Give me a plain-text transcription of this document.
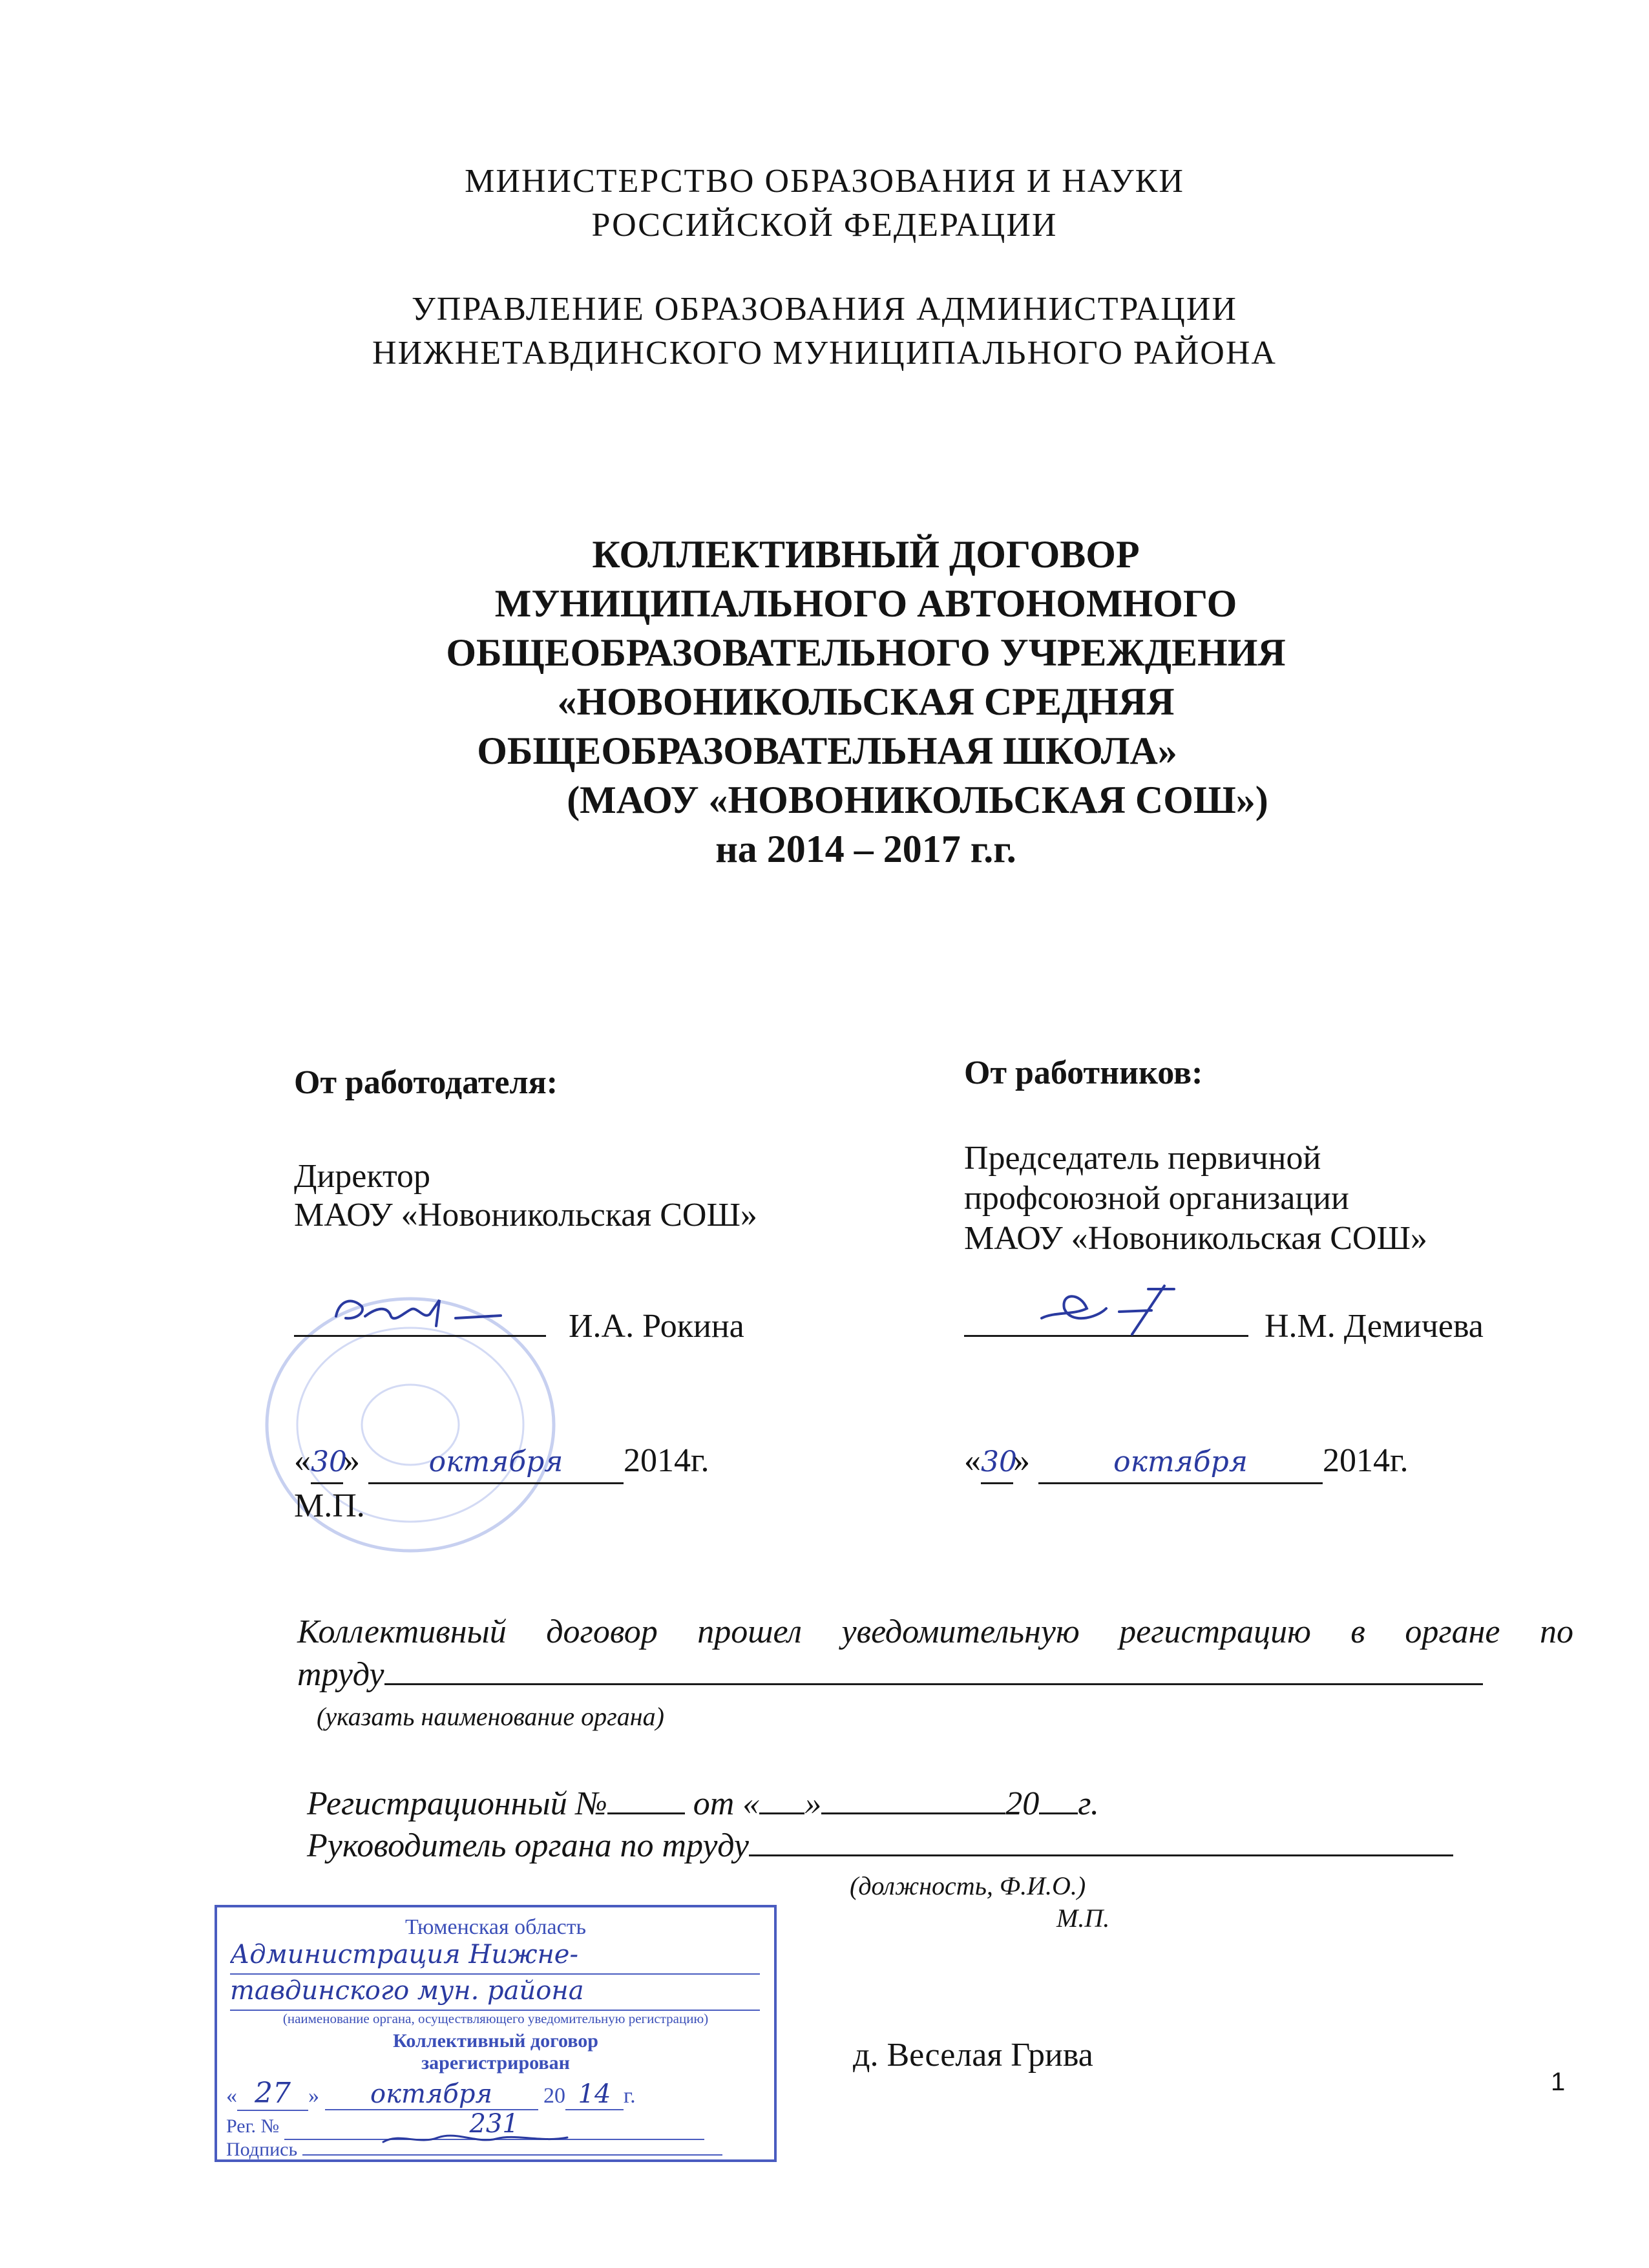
МИНИСТЕРСТВО ОБРАЗОВАНИЯ И НАУКИ
РОССИЙСКОЙ ФЕДЕРАЦИИ
УПРАВЛЕНИЕ ОБРАЗОВАНИЯ АДМИНИСТРАЦИИ
НИЖНЕТАВДИНСКОГО МУНИЦИПАЛЬНОГО РАЙОНА
КОЛЛЕКТИВНЫЙ ДОГОВОР
МУНИЦИПАЛЬНОГО АВТОНОМНОГО
ОБЩЕОБРАЗОВАТЕЛЬНОГО УЧРЕЖДЕНИЯ
«НОВОНИКОЛЬСКАЯ СРЕДНЯЯ
ОБЩЕОБРАЗОВАТЕЛЬНАЯ ШКОЛА»
(МАОУ «НОВОНИКОЛЬСКАЯ СОШ»)
на 2014 – 2017 г.г.
От работодателя:
Директор
МАОУ «Новоникольская СОШ»
И.А. Рокина
«30» октября 2014г.
М.П.
От работников:
Председатель первичной
профсоюзной организации
МАОУ «Новоникольская СОШ»
Н.М. Демичева
«30»	октября 2014г.
Коллективный договор прошел уведомительную регистрацию в органе по
труду
(указать наименование органа)
Регистрационный №	от « »	20 г.
Руководитель органа по труду
(должность, Ф.И.О.)
М.П.
д. Веселая Грива
1
Тюменская область
Администрация Нижне-
тавдинского мун. района
(наименование органа, осуществляющего уведомительную регистрацию)
Коллективный договор
зарегистрирован
« 27 » октября 20 14 г.
Рег. №	231
Подпись
